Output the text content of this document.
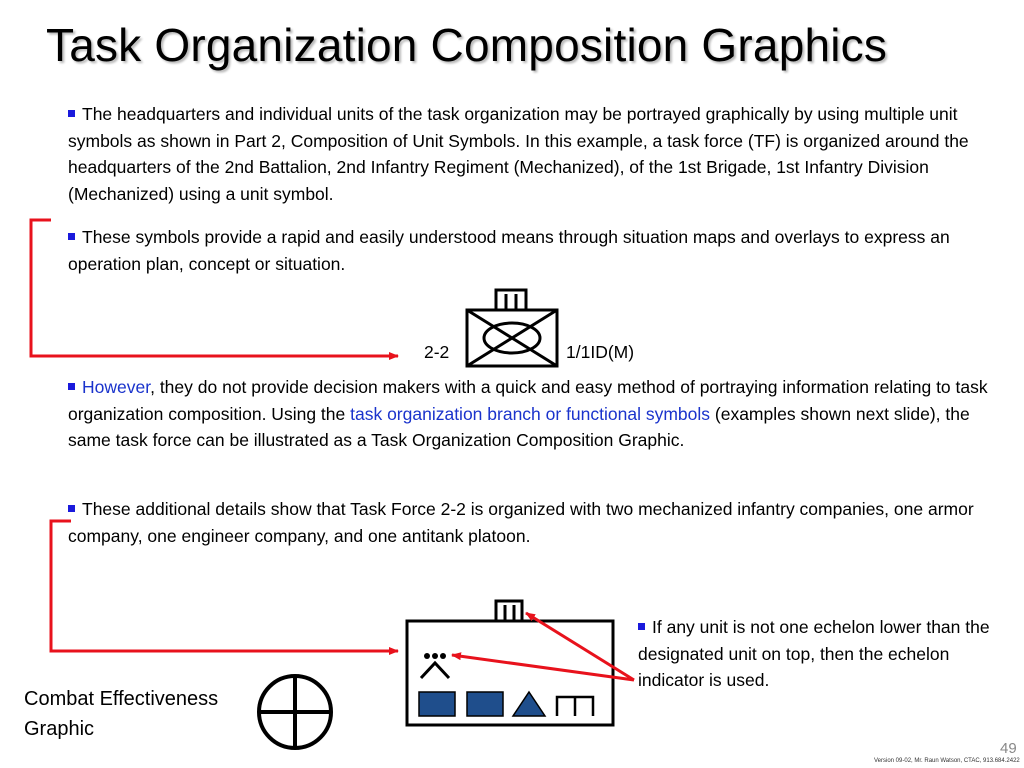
Task Organization Composition Graphics

The headquarters and individual units of the task organization may be portrayed graphically by using multiple unit symbols as shown in Part 2, Composition of Unit Symbols. In this example, a task force (TF) is organized around the headquarters of the 2nd Battalion, 2nd Infantry Regiment (Mechanized), of the 1st Brigade, 1st Infantry Division (Mechanized) using a unit symbol.

These symbols provide a rapid and easily understood means through situation maps and overlays to express an operation plan, concept or situation.

However, they do not provide decision makers with a quick and easy method of portraying information relating to task organization composition. Using the task organization branch or functional symbols (examples shown next slide), the same task force can be illustrated as a Task Organization Composition Graphic.

These additional details show that Task Force 2-2 is organized with two mechanized infantry companies, one armor company, one engineer company, and one antitank platoon.

If any unit is not one echelon lower than the designated unit on top, then the echelon indicator is used.

2-2	1/1ID(M)
Combat Effectiveness Graphic
49
Version 09-02, Mr. Raun Watson, CTAC, 913.684.2422
